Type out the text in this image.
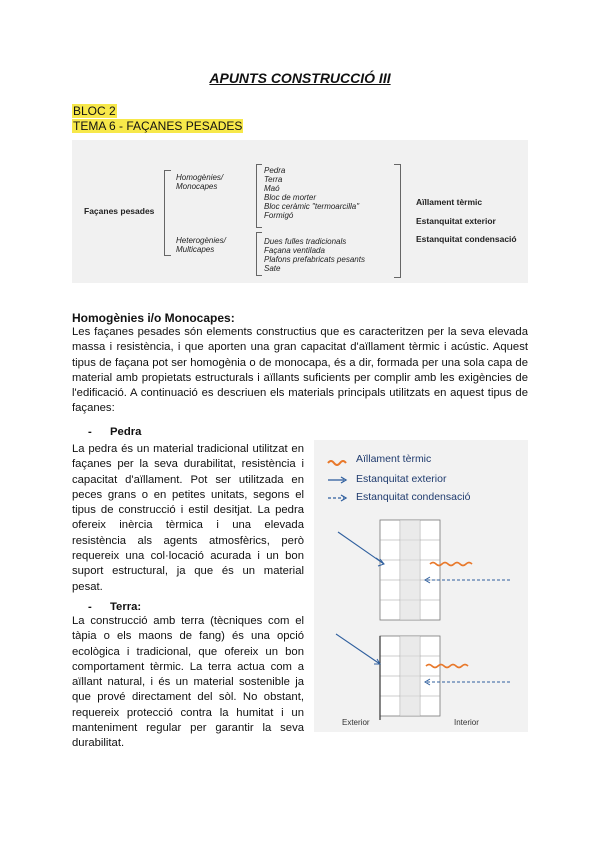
APUNTS CONSTRUCCIÓ III
BLOC 2
TEMA 6 - FAÇANES PESADES
Façanes pesades
Homogènies/
Monocapes
Pedra
Terra
Maó
Bloc de morter
Bloc ceràmic "termoarcilla"
Formigó
Heterogènies/
Multicapes
Dues fulles tradicionals
Façana ventilada
Plafons prefabricats pesants
Sate
Aïllament tèrmic
Estanquitat exterior
Estanquitat condensació
Homogènies i/o Monocapes:
Les façanes pesades són elements constructius que es caracteritzen per la seva elevada massa i resistència, i que aporten una gran capacitat d'aïllament tèrmic i acústic. Aquest tipus de façana pot ser homogènia o de monocapa, és a dir, formada per una sola capa de material amb propietats estructurals i aïllants suficients per complir amb les exigències de l'edificació. A continuació es descriuen els materials principals utilitzats en aquest tipus de façanes:
- Pedra
La pedra és un material tradicional utilitzat en façanes per la seva durabilitat, resistència i capacitat d'aïllament. Pot ser utilitzada en peces grans o en petites unitats, segons el tipus de construcció i estil desitjat. La pedra ofereix inèrcia tèrmica i una elevada resistència als agents atmosfèrics, però requereix una col·locació acurada i un bon suport estructural, ja que és un material pesat.
- Terra:
La construcció amb terra (tècniques com el tàpia o els maons de fang) és una opció ecològica i tradicional, que ofereix un bon comportament tèrmic. La terra actua com a aïllant natural, i és un material sostenible ja que prové directament del sòl. No obstant, requereix protecció contra la humitat i un manteniment regular per garantir la seva durabilitat.
Aïllament tèrmic
Estanquitat exterior
Estanquitat condensació
Exterior	Interior
